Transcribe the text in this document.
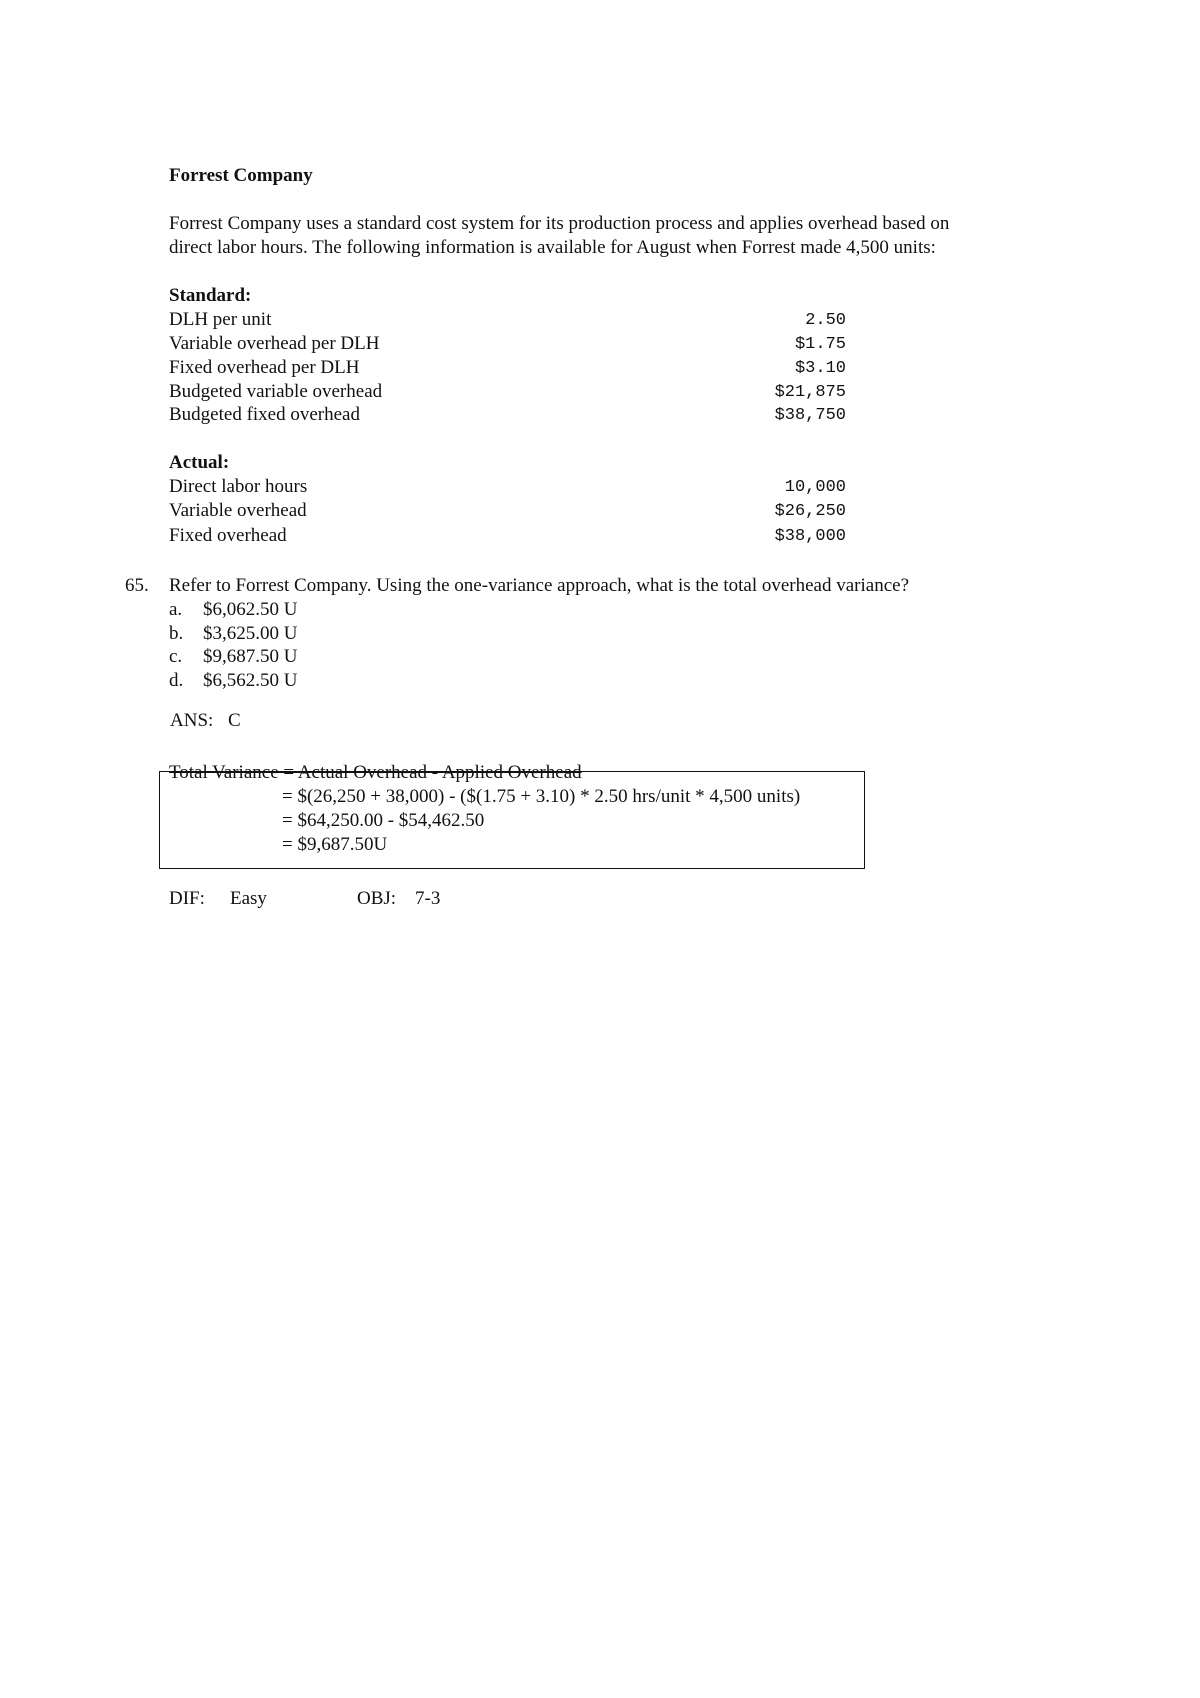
Forrest Company
Forrest Company uses a standard cost system for its production process and applies overhead based on
direct labor hours. The following information is available for August when Forrest made 4,500 units:
Standard:
DLH per unit	2.50
Variable overhead per DLH	$1.75
Fixed overhead per DLH	$3.10
Budgeted variable overhead	$21,875
Budgeted fixed overhead	$38,750
Actual:
Direct labor hours	10,000
Variable overhead	$26,250
Fixed overhead	$38,000
65. Refer to Forrest Company. Using the one-variance approach, what is the total overhead variance?
a. $6,062.50 U
b. $3,625.00 U
c. $9,687.50 U
d. $6,562.50 U
ANS: C
Total Variance = Actual Overhead - Applied Overhead
= $(26,250 + 38,000) - ($(1.75 + 3.10) * 2.50 hrs/unit * 4,500 units)
= $64,250.00 - $54,462.50
= $9,687.50U
DIF: Easy	OBJ: 7-3
